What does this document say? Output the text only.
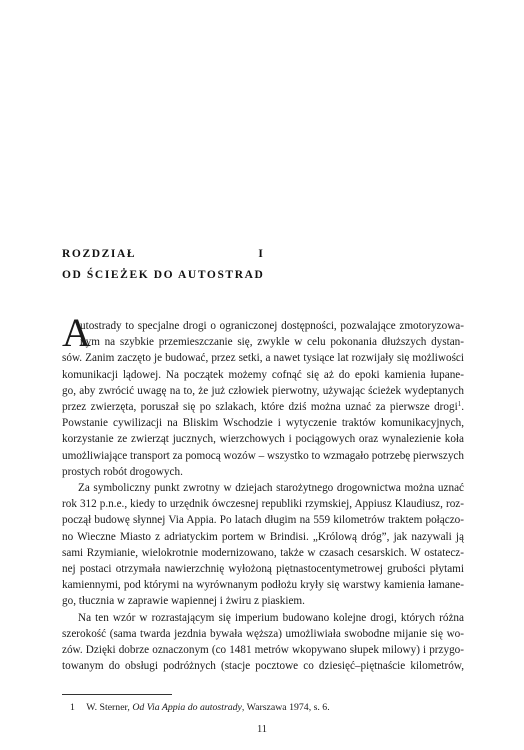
ROZDZIAŁ I
OD ŚCIEŻEK DO AUTOSTRAD
A
utostrady to specjalne drogi o ograniczonej dostępności, pozwalające zmotoryzowa-
nym na szybkie przemieszczanie się, zwykle w celu pokonania dłuższych dystan-
sów. Zanim zaczęto je budować, przez setki, a nawet tysiące lat rozwijały się możliwości
komunikacji lądowej. Na początek możemy cofnąć się aż do epoki kamienia łupane-
go, aby zwrócić uwagę na to, że już człowiek pierwotny, używając ścieżek wydeptanych
przez zwierzęta, poruszał się po szlakach, które dziś można uznać za pierwsze drogi$^1$.
Powstanie cywilizacji na Bliskim Wschodzie i wytyczenie traktów komunikacyjnych,
korzystanie ze zwierząt jucznych, wierzchowych i pociągowych oraz wynalezienie koła
umożliwiające transport za pomocą wozów – wszystko to wzmagało potrzebę pierwszych
prostych robót drogowych.
Za symboliczny punkt zwrotny w dziejach starożytnego drogownictwa można uznać
rok 312 p.n.e., kiedy to urzędnik ówczesnej republiki rzymskiej, Appiusz Klaudiusz, roz-
począł budowę słynnej Via Appia. Po latach długim na 559 kilometrów traktem połączo-
no Wieczne Miasto z adriatyckim portem w Brindisi. „Królową dróg”, jak nazywali ją
sami Rzymianie, wielokrotnie modernizowano, także w czasach cesarskich. W ostatecz-
nej postaci otrzymała nawierzchnię wyłożoną piętnastocentymetrowej grubości płytami
kamiennymi, pod którymi na wyrównanym podłożu kryły się warstwy kamienia łamane-
go, tłucznia w zaprawie wapiennej i żwiru z piaskiem.
Na ten wzór w rozrastającym się imperium budowano kolejne drogi, których różna
szerokość (sama twarda jezdnia bywała węższa) umożliwiała swobodne mijanie się wo-
zów. Dzięki dobrze oznaczonym (co 1481 metrów wkopywano słupek milowy) i przygo-
towanym do obsługi podróżnych (stacje pocztowe co dziesięć–piętnaście kilometrów,
1 W. Sterner, Od Via Appia do autostrady, Warszawa 1974, s. 6.
11
